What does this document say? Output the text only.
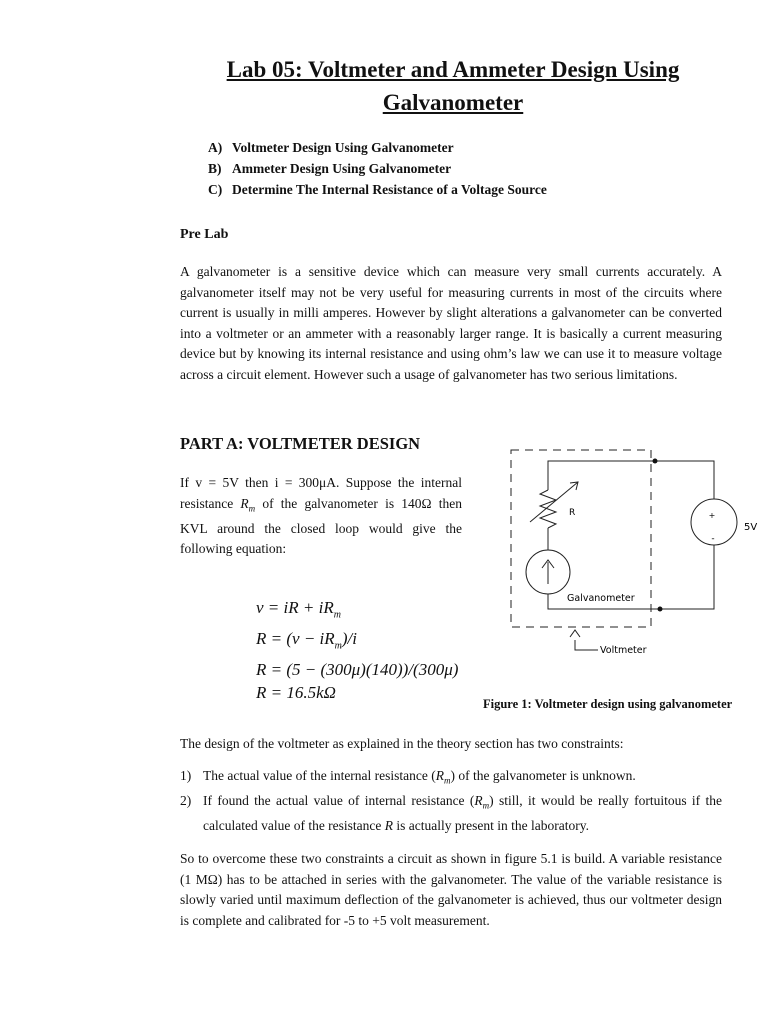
Lab 05: Voltmeter and Ammeter Design Using Galvanometer
A) Voltmeter Design Using Galvanometer
B) Ammeter Design Using Galvanometer
C) Determine The Internal Resistance of a Voltage Source
Pre Lab

A galvanometer is a sensitive device which can measure very small currents accurately. A galvanometer itself may not be very useful for measuring currents in most of the circuits where current is usually in milli amperes. However by slight alterations a galvanometer can be converted into a voltmeter or an ammeter with a reasonably larger range. It is basically a current measuring device but by knowing its internal resistance and using ohm’s law we can use it to measure voltage across a circuit element. However such a usage of galvanometer has two serious limitations.

PART A: VOLTMETER DESIGN

If v = 5V then i = 300μA. Suppose the internal resistance $R_m$ of the galvanometer is 140Ω then KVL around the closed loop would give the following equation:

v = iR + $iR_m$
$R = (v - iR_m)/i$
R = (5 − (300μ)(140))/(300μ)
R = 16.5kΩ
R	+
-
5V
Galvanometer
Voltmeter
Figure 1: Voltmeter design using galvanometer

The design of the voltmeter as explained in the theory section has two constraints:

1) The actual value of the internal resistance $(R_m)$ of the galvanometer is unknown.
2) If found the actual value of internal resistance $(R_m)$ still, it would be really fortuitous if the calculated value of the resistance R is actually present in the laboratory.

So to overcome these two constraints a circuit as shown in figure 5.1 is build. A variable resistance (1 MΩ) has to be attached in series with the galvanometer. The value of the variable resistance is slowly varied until maximum deflection of the galvanometer is achieved, thus our voltmeter design is complete and calibrated for -5 to +5 volt measurement.
